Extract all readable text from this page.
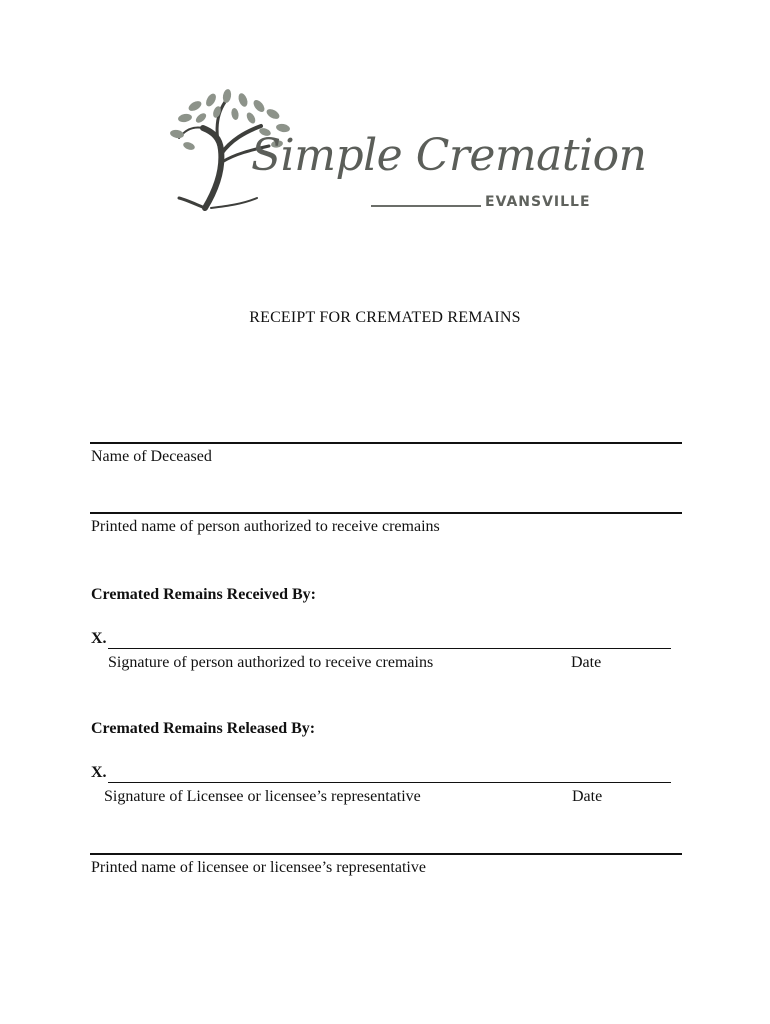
Simple Cremation
EVANSVILLE
RECEIPT FOR CREMATED REMAINS
Name of Deceased
Printed name of person authorized to receive cremains
Cremated Remains Received By:
X.
Signature of person authorized to receive cremains	Date
Cremated Remains Released By:
X.
Signature of Licensee or licensee’s representative	Date
Printed name of licensee or licensee’s representative
